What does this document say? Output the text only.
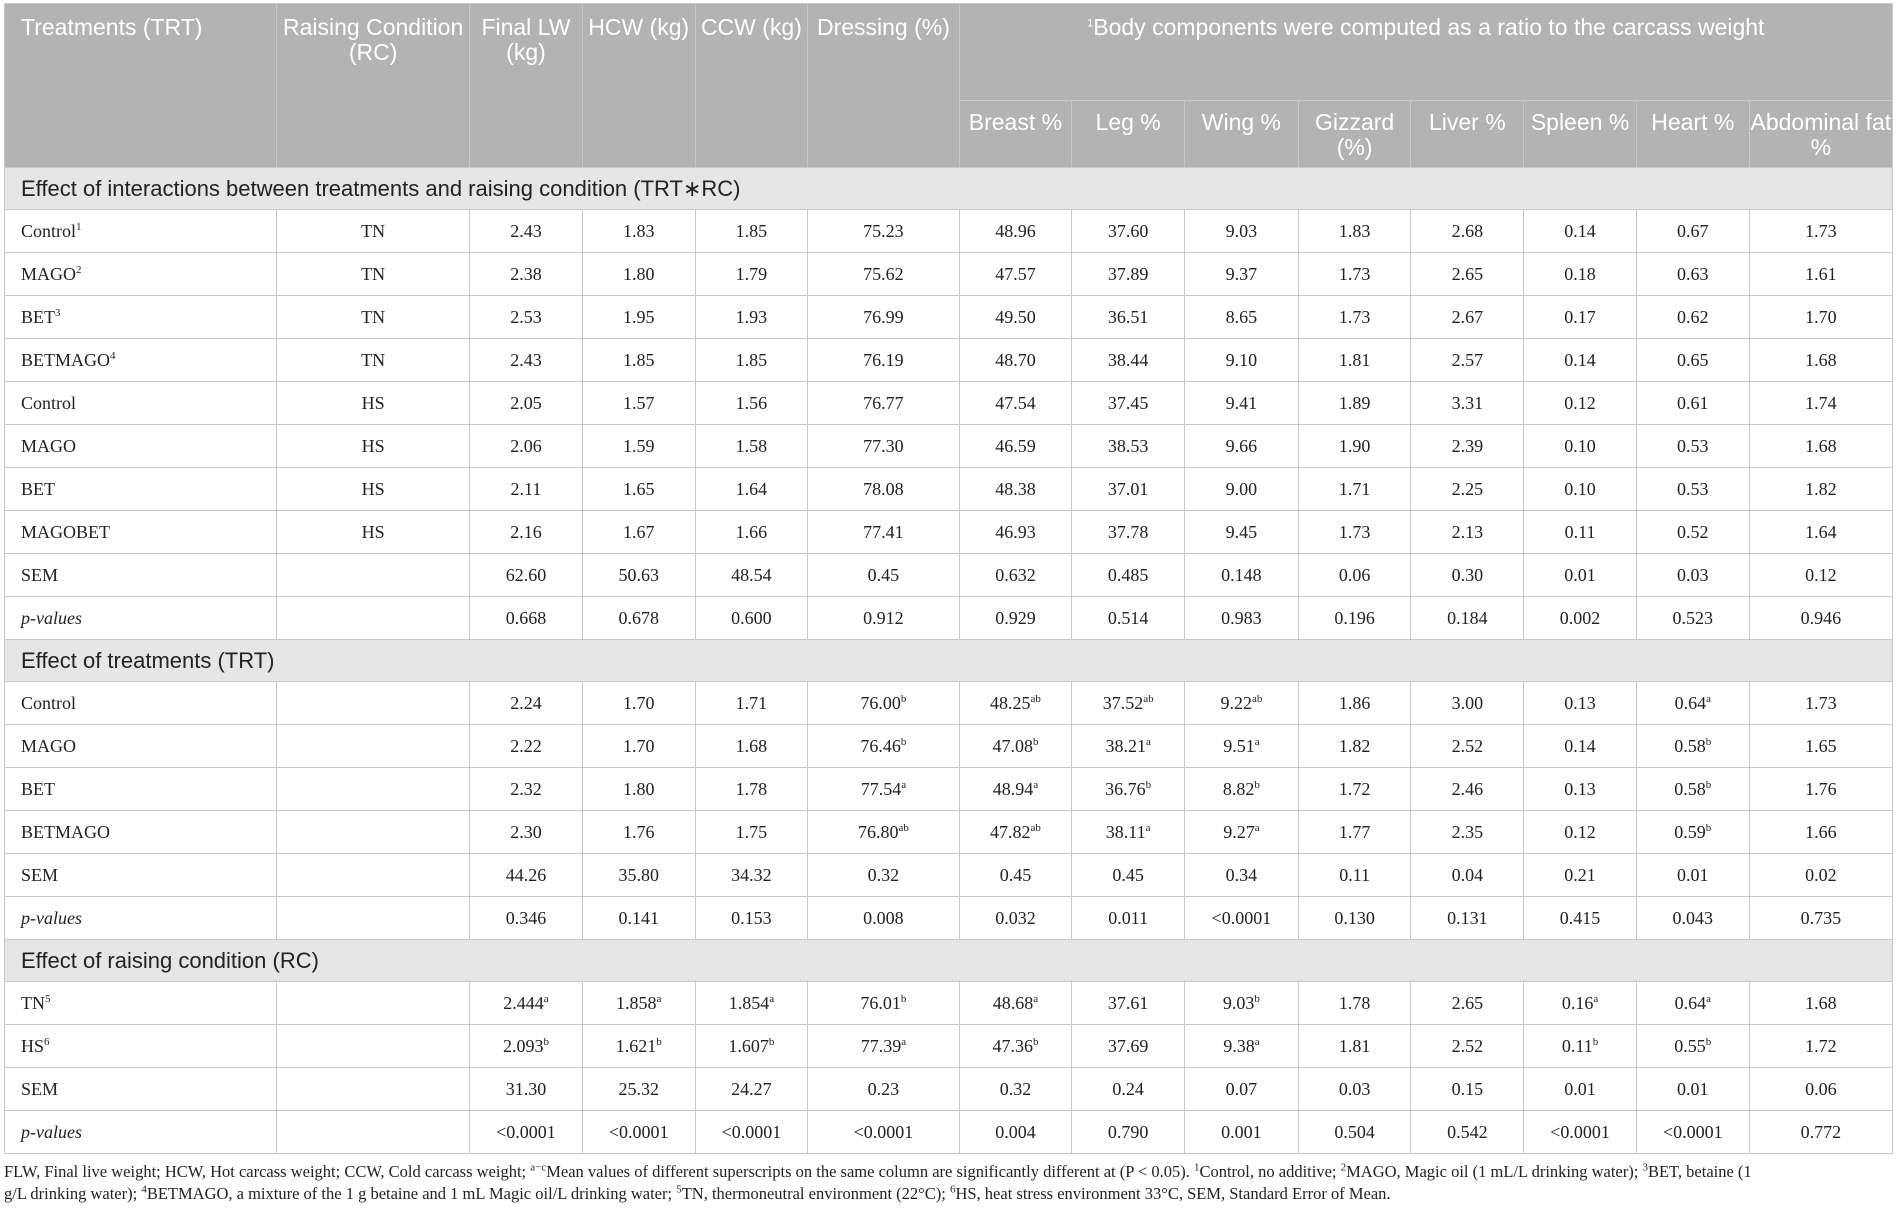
Treatments (TRT)	Raising Condition (RC)	Final LW (kg)	HCW (kg)	CCW (kg)	Dressing (%)	$^1$Body components were computed as a ratio to the carcass weight							
						Breast %	Leg %	Wing %	Gizzard (%)	Liver %	Spleen %	Heart %	Abdominal fat %
Effect of interactions between treatments and raising condition (TRT∗RC)													
Control$^1$	TN	2.43	1.83	1.85	75.23	48.96	37.60	9.03	1.83	2.68	0.14	0.67	1.73
MAGO$^2$	TN	2.38	1.80	1.79	75.62	47.57	37.89	9.37	1.73	2.65	0.18	0.63	1.61
BET$^3$	TN	2.53	1.95	1.93	76.99	49.50	36.51	8.65	1.73	2.67	0.17	0.62	1.70
BETMAGO$^4$	TN	2.43	1.85	1.85	76.19	48.70	38.44	9.10	1.81	2.57	0.14	0.65	1.68
Control	HS	2.05	1.57	1.56	76.77	47.54	37.45	9.41	1.89	3.31	0.12	0.61	1.74
MAGO	HS	2.06	1.59	1.58	77.30	46.59	38.53	9.66	1.90	2.39	0.10	0.53	1.68
BET	HS	2.11	1.65	1.64	78.08	48.38	37.01	9.00	1.71	2.25	0.10	0.53	1.82
MAGOBET	HS	2.16	1.67	1.66	77.41	46.93	37.78	9.45	1.73	2.13	0.11	0.52	1.64
SEM		62.60	50.63	48.54	0.45	0.632	0.485	0.148	0.06	0.30	0.01	0.03	0.12
p-values		0.668	0.678	0.600	0.912	0.929	0.514	0.983	0.196	0.184	0.002	0.523	0.946
Effect of treatments (TRT)													
Control		2.24	1.70	1.71	76.00$^b$	48.25$^{ab}$	37.52$^{ab}$	9.22$^{ab}$	1.86	3.00	0.13	0.64$^a$	1.73
MAGO		2.22	1.70	1.68	76.46$^b$	47.08$^b$	38.21$^a$	9.51$^a$	1.82	2.52	0.14	0.58$^b$	1.65
BET		2.32	1.80	1.78	77.54$^a$	48.94$^a$	36.76$^b$	8.82$^b$	1.72	2.46	0.13	0.58$^b$	1.76
BETMAGO		2.30	1.76	1.75	76.80$^{ab}$	47.82$^{ab}$	38.11$^a$	9.27$^a$	1.77	2.35	0.12	0.59$^b$	1.66
SEM		44.26	35.80	34.32	0.32	0.45	0.45	0.34	0.11	0.04	0.21	0.01	0.02
p-values		0.346	0.141	0.153	0.008	0.032	0.011	<0.0001	0.130	0.131	0.415	0.043	0.735
Effect of raising condition (RC)													
$TN^5$		2.444$^a$	1.858$^a$	1.854$^a$	76.01$^b$	48.68$^a$	37.61	9.03$^b$	1.78	2.65	0.16$^a$	0.64$^a$	1.68
$HS^6$		2.093$^b$	1.621$^b$	1.607$^b$	77.39$^a$	47.36$^b$	37.69	9.38$^a$	1.81	2.52	0.11$^b$	0.55$^b$	1.72
SEM		31.30	25.32	24.27	0.23	0.32	0.24	0.07	0.03	0.15	0.01	0.01	0.06
p-values		<0.0001	<0.0001	<0.0001	<0.0001	0.004	0.790	0.001	0.504	0.542	<0.0001	<0.0001	0.772
FLW, Final live weight; HCW, Hot carcass weight; CCW, Cold carcass weight; $^{a-c}$Mean values of different superscripts on the same column are significantly different at (P < 0.05). $^1$Control, no additive; $^2$MAGO, Magic oil (1 mL/L drinking water); $^3$BET, betaine (1
g/L drinking water); $^4$BETMAGO, a mixture of the 1 g betaine and 1 mL Magic oil/L drinking water; $^5$TN, thermoneutral environment (22°C); $^6$HS, heat stress environment 33°C, SEM, Standard Error of Mean.
